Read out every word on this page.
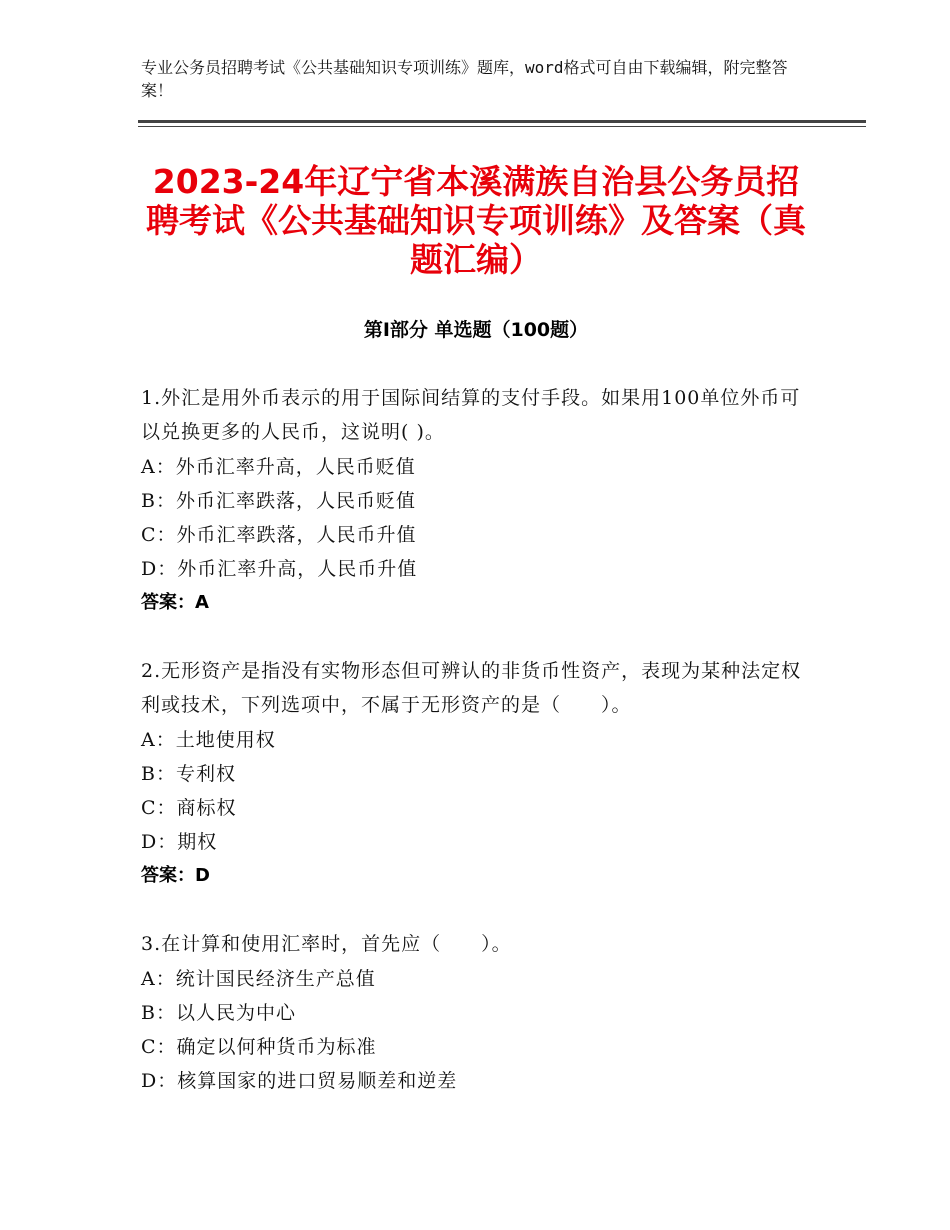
专业公务员招聘考试《公共基础知识专项训练》题库，word格式可自由下载编辑，附完整答案！
2023-24年辽宁省本溪满族自治县公务员招聘考试《公共基础知识专项训练》及答案（真题汇编）
第Ⅰ部分 单选题（100题）
1.外汇是用外币表示的用于国际间结算的支付手段。如果用100单位外币可以兑换更多的人民币，这说明( )。
A：外币汇率升高，人民币贬值
B：外币汇率跌落，人民币贬值
C：外币汇率跌落，人民币升值
D：外币汇率升高，人民币升值
答案：A
2.无形资产是指没有实物形态但可辨认的非货币性资产，表现为某种法定权利或技术，下列选项中，不属于无形资产的是（　　）。
A：土地使用权
B：专利权
C：商标权
D：期权
答案：D
3.在计算和使用汇率时，首先应（　　）。
A：统计国民经济生产总值
B：以人民为中心
C：确定以何种货币为标准
D：核算国家的进口贸易顺差和逆差
